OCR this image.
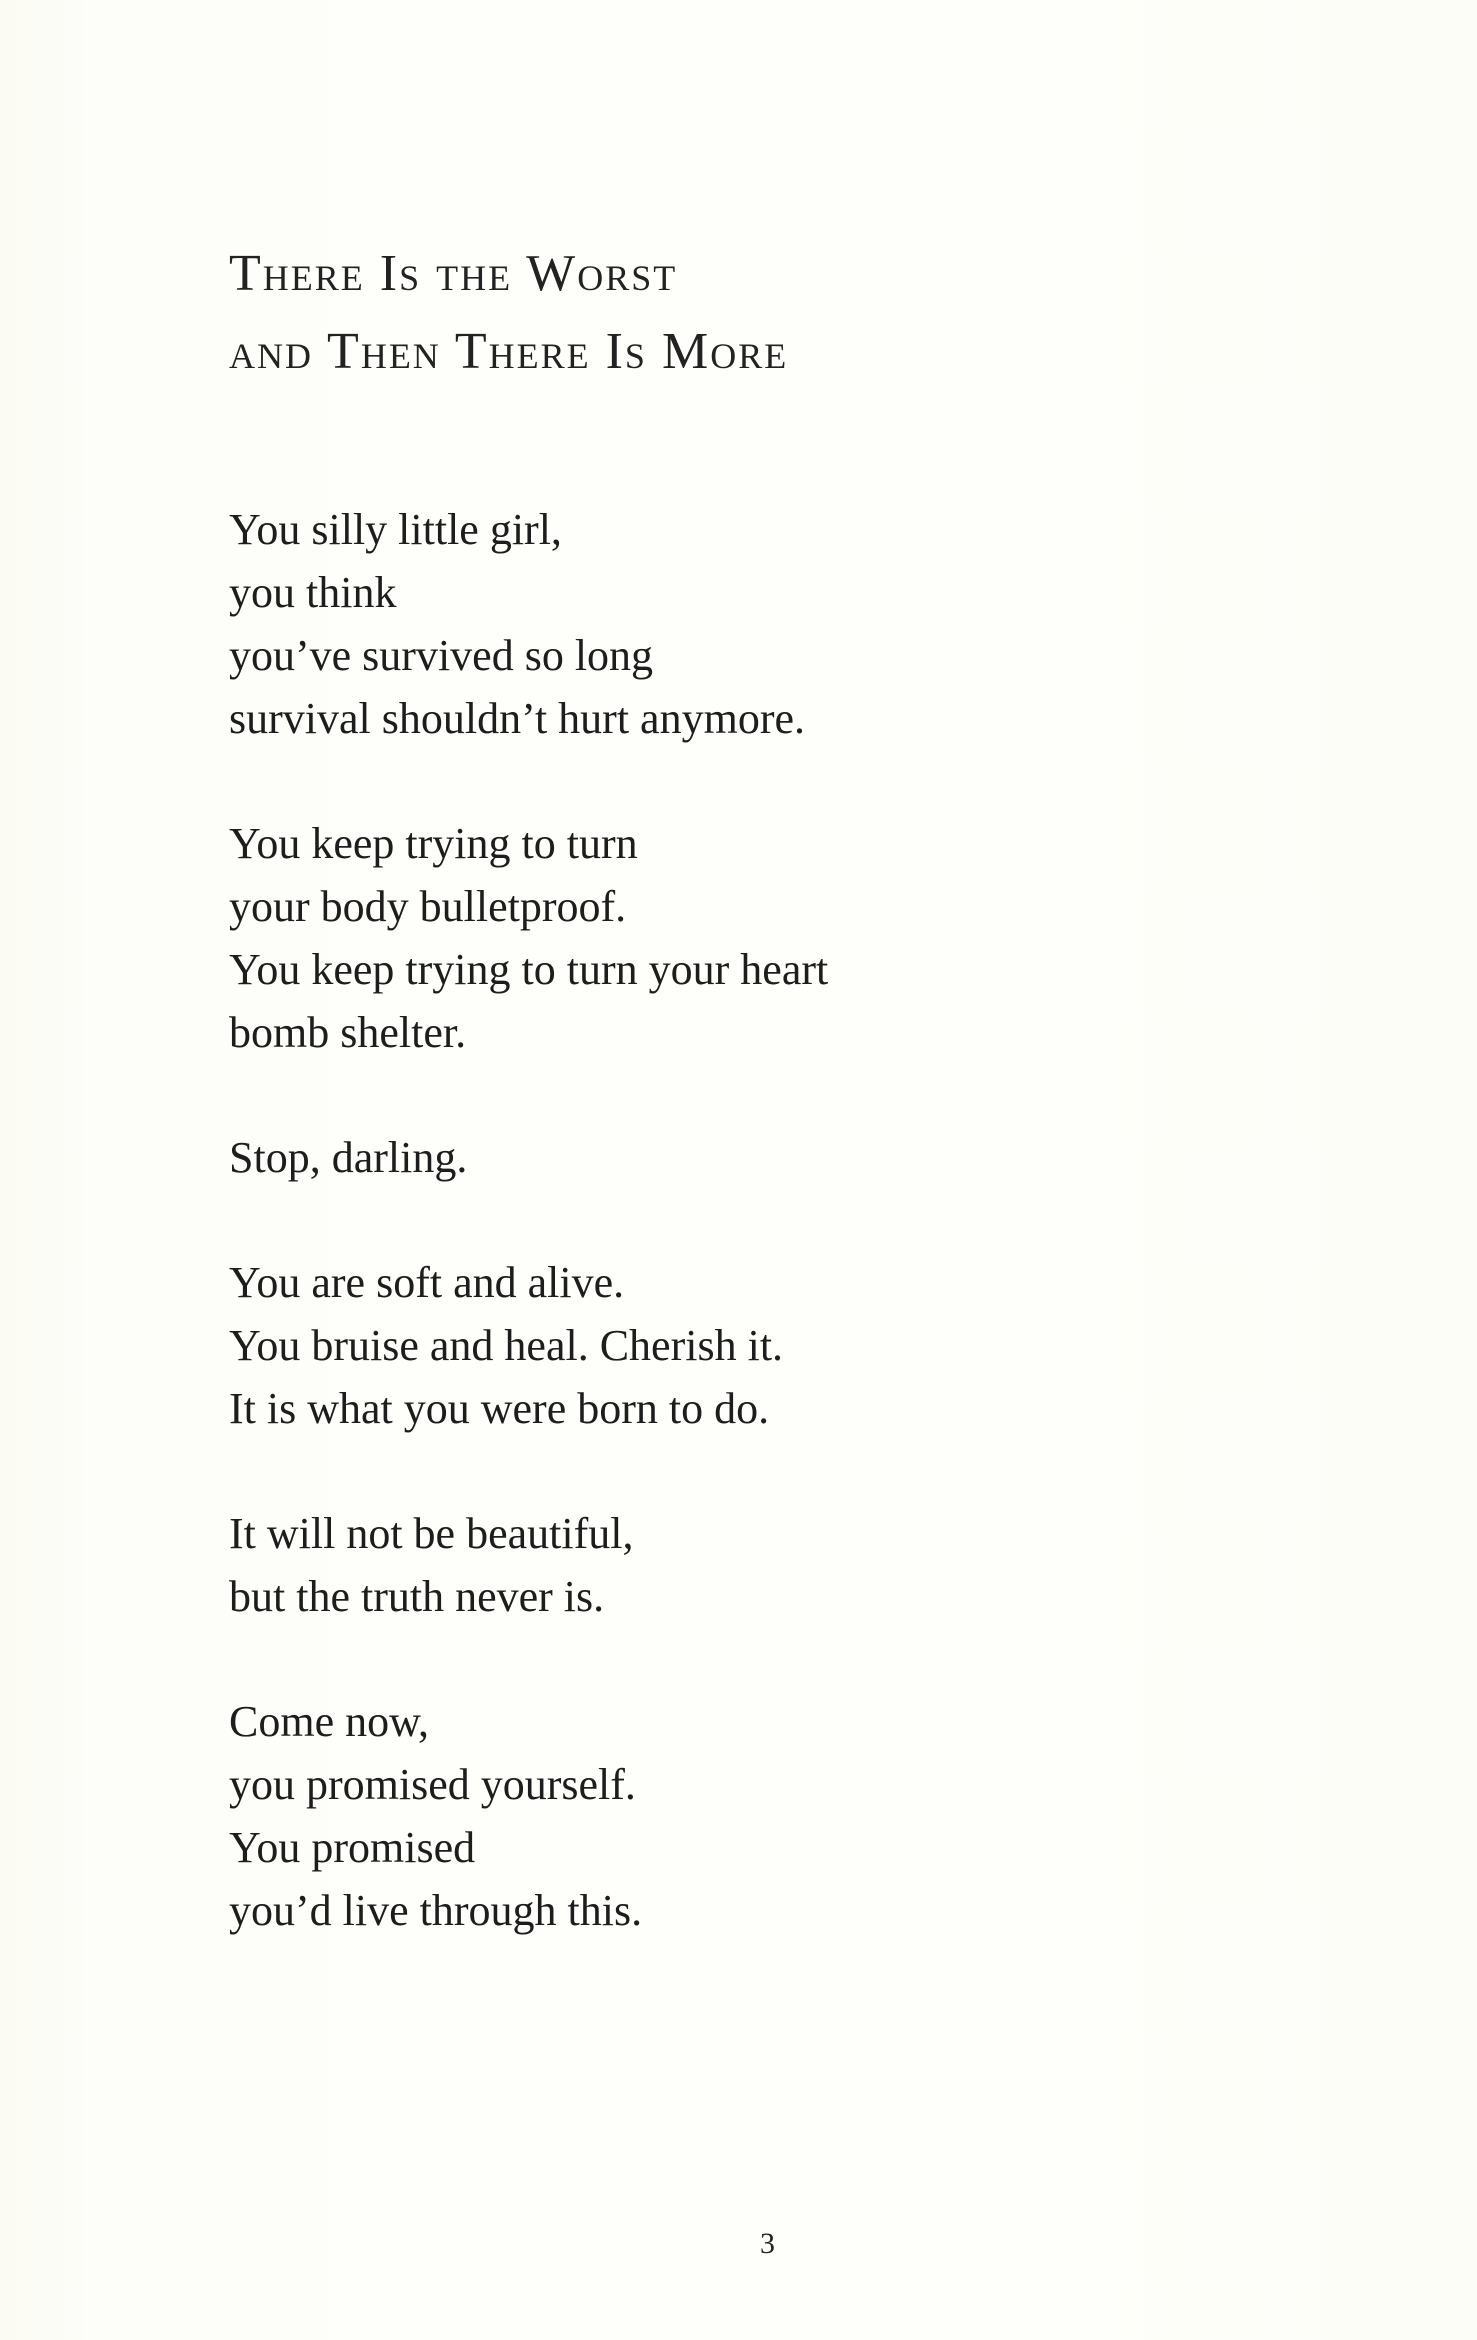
There Is the Worst
and Then There Is More
You silly little girl,
you think
you’ve survived so long
survival shouldn’t hurt anymore.
You keep trying to turn
your body bulletproof.
You keep trying to turn your heart
bomb shelter.
Stop, darling.
You are soft and alive.
You bruise and heal. Cherish it.
It is what you were born to do.
It will not be beautiful,
but the truth never is.
Come now,
you promised yourself.
You promised
you’d live through this.
3
